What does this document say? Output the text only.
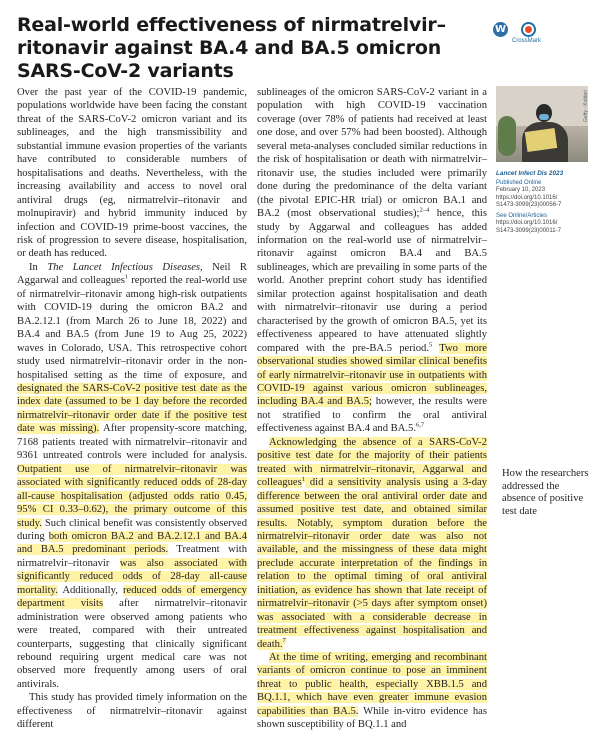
Real-world effectiveness of nirmatrelvir–ritonavir against BA.4 and BA.5 omicron SARS-CoV-2 variants
W
CrossMark

Over the past year of the COVID-19 pandemic, populations worldwide have been facing the constant threat of the SARS-CoV-2 omicron variant and its sublineages, and the high transmissibility and substantial immune evasion properties of the variants have contributed to considerable numbers of hospitalisations and deaths. Nevertheless, with the increasing availability and access to novel oral antiviral drugs (eg, nirmatrelvir–ritonavir and molnupiravir) and hybrid immunity induced by infection and COVID-19 prime-boost vaccines, the risk of progression to severe disease, hospitalisation, or death has reduced.

In The Lancet Infectious Diseases, Neil R Aggarwal and colleagues$^1$ reported the real-world use of nirmatrelvir–ritonavir among high-risk outpatients with COVID-19 during the omicron BA.2 and BA.2.12.1 (from March 26 to June 18, 2022) and BA.4 and BA.5 (from June 19 to Aug 25, 2022) waves in Colorado, USA. This retrospective cohort study used nirmatrelvir–ritonavir order in the non-hospitalised setting as the time of exposure, and designated the SARS-CoV-2 positive test date as the index date (assumed to be 1 day before the recorded nirmatrelvir–ritonavir order date if the positive test date was missing). After propensity-score matching, 7168 patients treated with nirmatrelvir–ritonavir and 9361 untreated controls were included for analysis. Outpatient use of nirmatrelvir–ritonavir was associated with significantly reduced odds of 28-day all-cause hospitalisation (adjusted odds ratio 0.45, 95% CI 0.33–0.62), the primary outcome of this study. Such clinical benefit was consistently observed during both omicron BA.2 and BA.2.12.1 and BA.4 and BA.5 predominant periods. Treatment with nirmatrelvir–ritonavir was also associated with significantly reduced odds of 28-day all-cause mortality. Additionally, reduced odds of emergency department visits after nirmatrelvir–ritonavir administration were observed among patients who were treated, compared with their untreated counterparts, suggesting that clinically significant rebound requiring urgent medical care was not observed more frequently among users of oral antivirals.

This study has provided timely information on the effectiveness of nirmatrelvir–ritonavir against different

sublineages of the omicron SARS-CoV-2 variant in a population with high COVID-19 vaccination coverage (over 78% of patients had received at least one dose, and over 57% had been boosted). Although several meta-analyses concluded similar reductions in the risk of hospitalisation or death with nirmatrelvir–ritonavir use, the studies included were primarily done during the predominance of the delta variant (the pivotal EPIC-HR trial) or omicron BA.1 and BA.2 (most observational studies);$^{2-4}$ hence, this study by Aggarwal and colleagues has added information on the real-world use of nirmatrelvir–ritonavir against omicron BA.4 and BA.5 sublineages, which are prevailing in some parts of the world. Another preprint cohort study has identified similar protection against hospitalisation and death with nirmatrelvir–ritonavir use during a period characterised by the growth of omicron BA.5, yet its effectiveness appeared to have attenuated slightly compared with the pre-BA.5 period.$^5$ Two more observational studies showed similar clinical benefits of early nirmatrelvir–ritonavir use in outpatients with COVID-19 against various omicron sublineages, including BA.4 and BA.5; however, the results were not stratified to confirm the oral antiviral effectiveness against BA.4 and BA.5.$^{6,7}$

Acknowledging the absence of a SARS-CoV-2 positive test date for the majority of their patients treated with nirmatrelvir–ritonavir, Aggarwal and colleagues$^1$ did a sensitivity analysis using a 3-day difference between the oral antiviral order date and assumed positive test date, and obtained similar results. Notably, symptom duration before the nirmatrelvir–ritonavir order date was also not available, and the missingness of these data might preclude accurate interpretation of the findings in relation to the optimal timing of oral antiviral initiation, as evidence has shown that late receipt of nirmatrelvir–ritonavir (>5 days after symptom onset) was associated with a considerable decrease in treatment effectiveness against hospitalisation and death.$^7$

At the time of writing, emerging and recombinant variants of omicron continue to pose an imminent threat to public health, especially XBB.1.5 and BQ.1.1, which have even greater immune evasion capabilities than BA.5. While in-vitro evidence has shown susceptibility of BQ.1.1 and

Getty - Koldari
Lancet Infect Dis 2023
Published Online
February 10, 2023
https://doi.org/10.1016/
S1473-3099(23)00056-7
See Online/Articles
https://doi.org/10.1016/
S1473-3099(23)00011-7
How the researchers addressed the absence of positive test date
